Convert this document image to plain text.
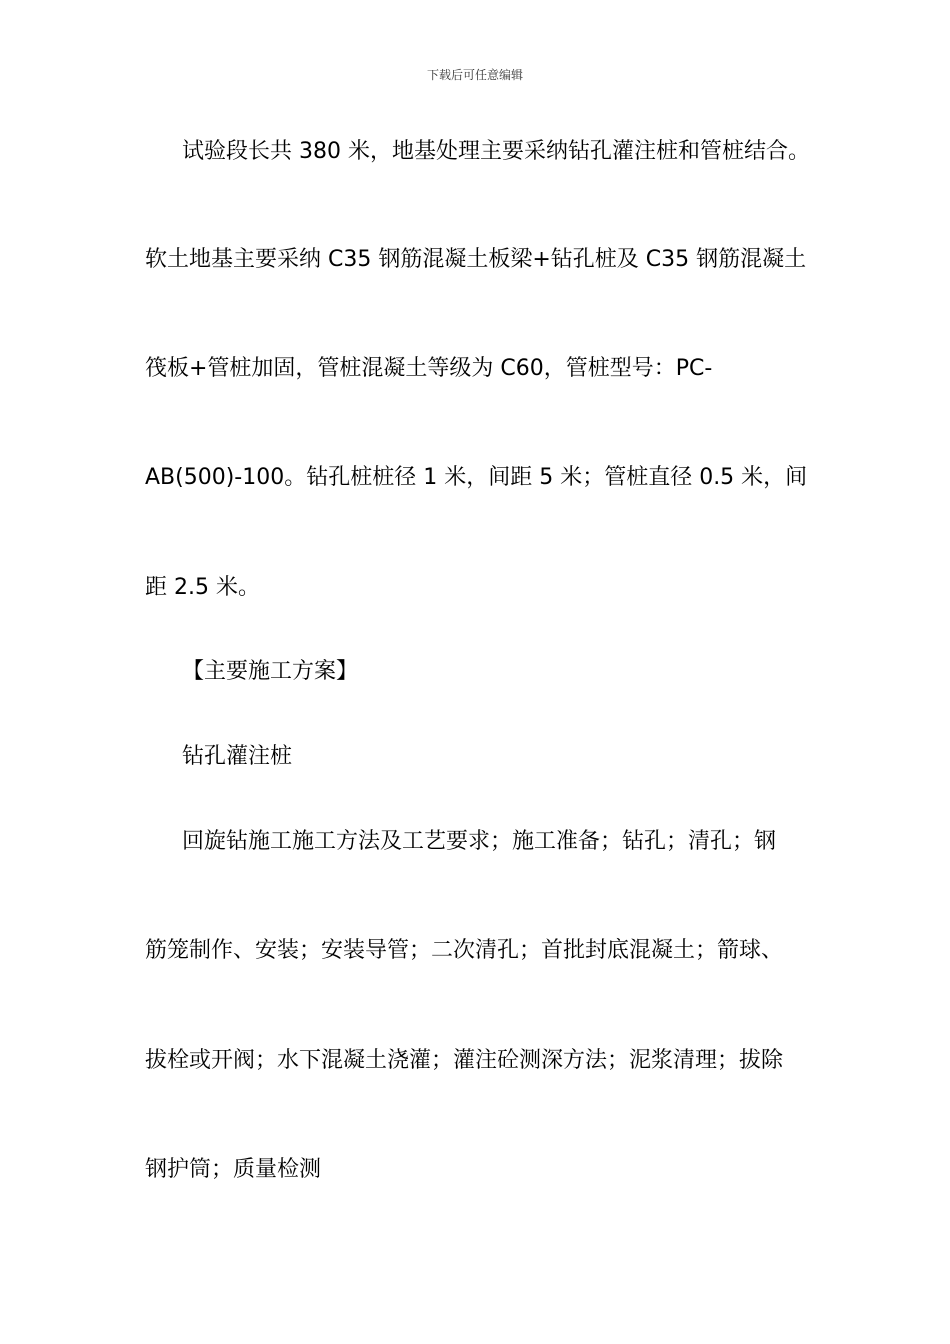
下载后可任意编辑
试验段长共 380 米，地基处理主要采纳钻孔灌注桩和管桩结合。
软土地基主要采纳 C35 钢筋混凝土板梁+钻孔桩及 C35 钢筋混凝土
筏板+管桩加固，管桩混凝土等级为 C60，管桩型号：PC-
AB(500)-100。钻孔桩桩径 1 米，间距 5 米；管桩直径 0.5 米，间
距 2.5 米。
【主要施工方案】
钻孔灌注桩
回旋钻施工施工方法及工艺要求；施工准备；钻孔；清孔；钢
筋笼制作、安装；安装导管；二次清孔；首批封底混凝土；箭球、
拔栓或开阀；水下混凝土浇灌；灌注砼测深方法；泥浆清理；拔除
钢护筒；质量检测
